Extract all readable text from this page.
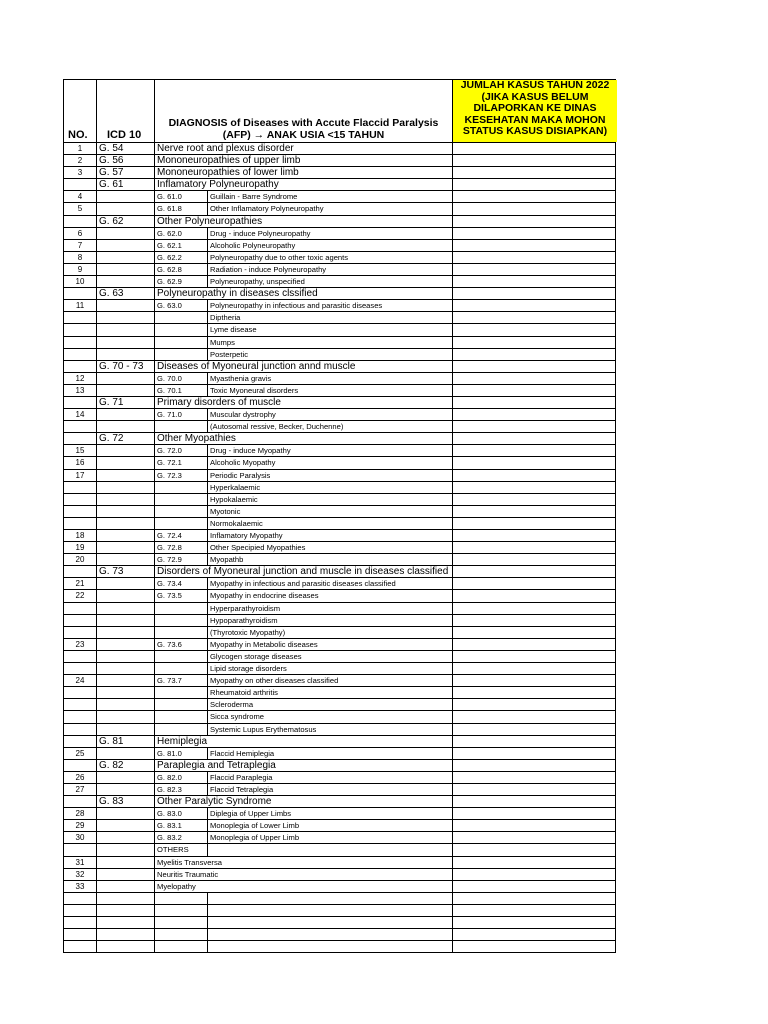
NO. ICD 10
DIAGNOSIS of Diseases with Accute Flaccid Paralysis (AFP) → ANAK USIA <15 TAHUN
JUMLAH KASUS TAHUN 2022 (JIKA KASUS BELUM DILAPORKAN KE DINAS KESEHATAN MAKA MOHON STATUS KASUS DISIAPKAN)
1	G. 54	Nerve root and plexus disorder
2	G. 56	Mononeuropathies of upper limb
3	G. 57	Mononeuropathies of lower limb
G. 61	Inflamatory Polyneuropathy
4	G. 61.0	Guillain - Barre Syndrome
5	G. 61.8	Other Inflamatory Polyneuropathy
G. 62	Other Polyneuropathies
6	G. 62.0	Drug - induce Polyneuropathy
7	G. 62.1	Alcoholic Polyneuropathy
8	G. 62.2	Polyneuropathy due to other toxic agents
9	G. 62.8	Radiation - induce Polyneuropathy
10	G. 62.9	Polyneuropathy, unspecified
G. 63	Polyneuropathy in diseases clssified
11	G. 63.0	Polyneuropathy in infectious and parasitic diseases
Diptheria
Lyme disease
Mumps
Posterpetic
G. 70 - 73	Diseases of Myoneural junction annd muscle
12	G. 70.0	Myasthenia gravis
13	G. 70.1	Toxic Myoneural disorders
G. 71	Primary disorders of muscle
14	G. 71.0	Muscular dystrophy
(Autosomal ressive, Becker, Duchenne)
G. 72	Other Myopathies
15	G. 72.0	Drug - induce Myopathy
16	G. 72.1	Alcoholic Myopathy
17	G. 72.3	Periodic Paralysis
Hyperkalaemic
Hypokalaemic
Myotonic
Normokalaemic
18	G. 72.4	Inflamatory Myopathy
19	G. 72.8	Other Specipied Myopathies
20	G. 72.9	Myopathb
G. 73	Disorders of Myoneural junction and muscle in diseases classified
21	G. 73.4	Myopathy in infectious and parasitic diseases classified
22	G. 73.5	Myopathy in endocrine diseases
Hyperparathyroidism
Hypoparathyroidism
(Thyrotoxic Myopathy)
23	G. 73.6	Myopathy in Metabolic diseases
Glycogen storage diseases
Lipid storage disorders
24	G. 73.7	Myopathy on other diseases classified
Rheumatoid arthritis
Scleroderma
Sicca syndrome
Systemic Lupus Erythematosus
G. 81	Hemiplegia
25	G. 81.0	Flaccid Hemiplegia
G. 82	Paraplegia and Tetraplegia
26	G. 82.0	Flaccid Paraplegia
27	G. 82.3	Flaccid Tetraplegia
G. 83	Other Paralytic Syndrome
28	G. 83.0	Diplegia of Upper Limbs
29	G. 83.1	Monoplegia of Lower Limb
30	G. 83.2	Monoplegia of Upper Limb
OTHERS
31	Myelitis Transversa
32	Neuritis Traumatic
33	Myelopathy
